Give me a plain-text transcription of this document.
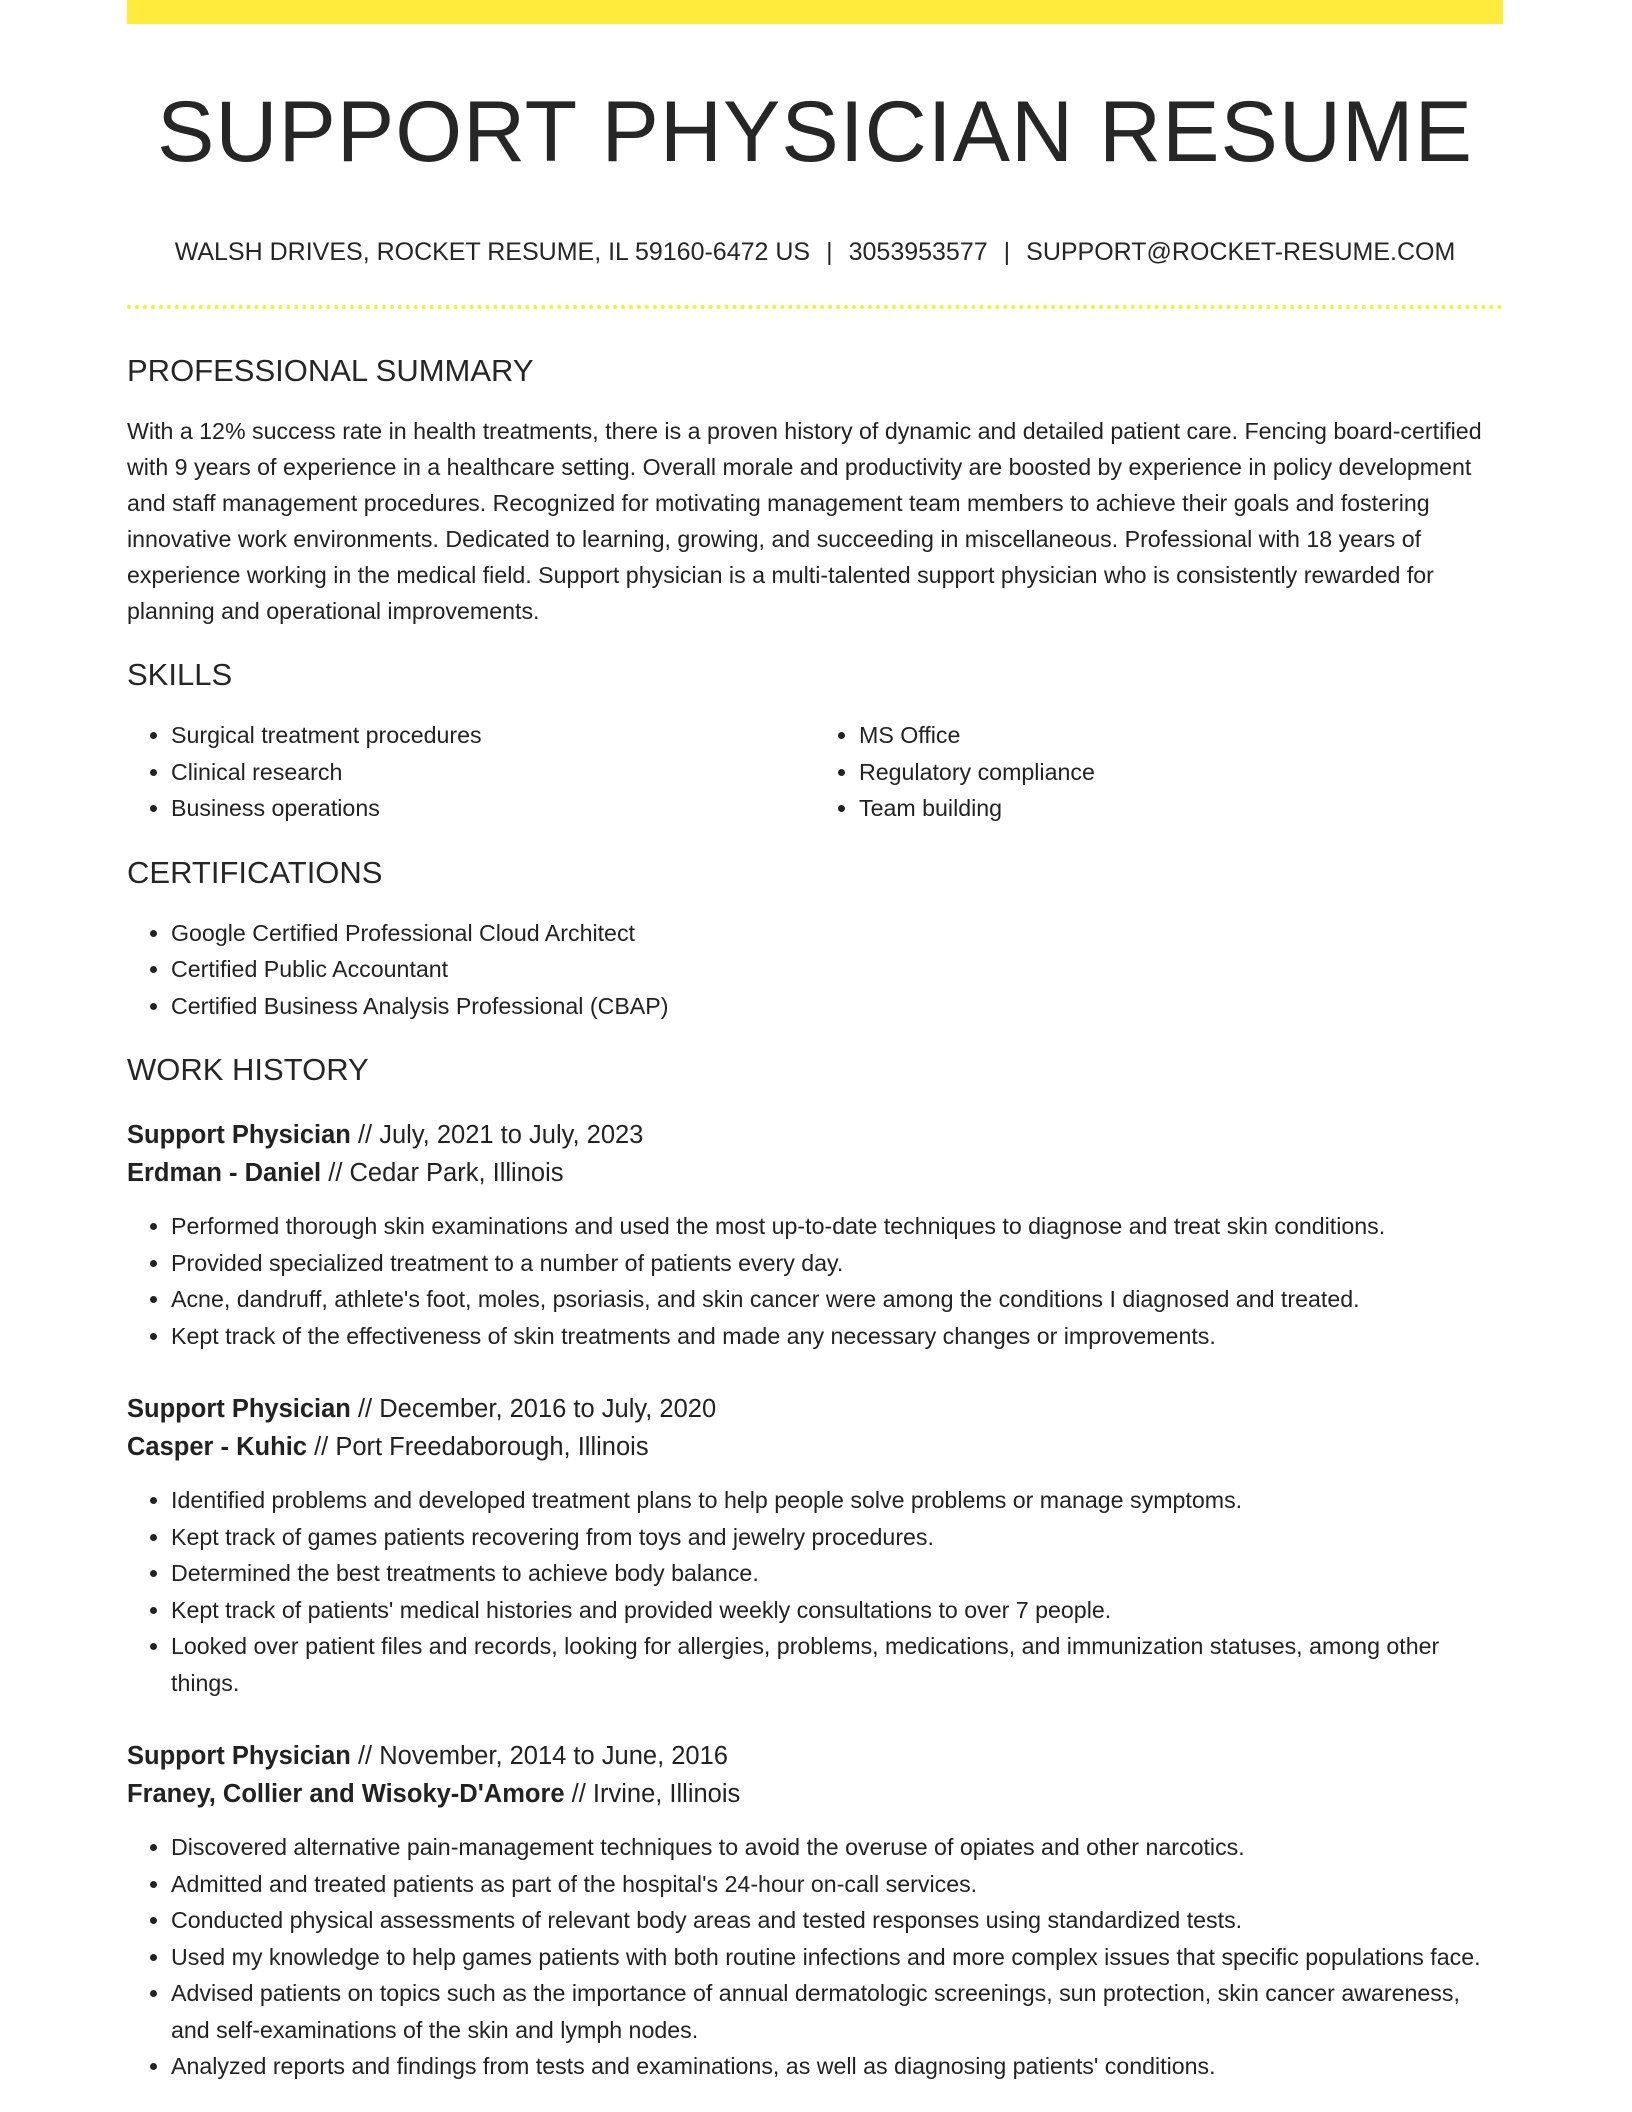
SUPPORT PHYSICIAN RESUME
WALSH DRIVES, ROCKET RESUME, IL 59160-6472 US | 3053953577 | SUPPORT@ROCKET-RESUME.COM
PROFESSIONAL SUMMARY

With a 12% success rate in health treatments, there is a proven history of dynamic and detailed patient care. Fencing board-certified with 9 years of experience in a healthcare setting. Overall morale and productivity are boosted by experience in policy development and staff management procedures. Recognized for motivating management team members to achieve their goals and fostering innovative work environments. Dedicated to learning, growing, and succeeding in miscellaneous. Professional with 18 years of experience working in the medical field. Support physician is a multi-talented support physician who is consistently rewarded for planning and operational improvements.

SKILLS
• Surgical treatment procedures
• Clinical research
• Business operations
• MS Office
• Regulatory compliance
• Team building
CERTIFICATIONS
• Google Certified Professional Cloud Architect
• Certified Public Accountant
• Certified Business Analysis Professional (CBAP)
WORK HISTORY
Support Physician // July, 2021 to July, 2023
Erdman - Daniel // Cedar Park, Illinois
• Performed thorough skin examinations and used the most up-to-date techniques to diagnose and treat skin conditions.
• Provided specialized treatment to a number of patients every day.
• Acne, dandruff, athlete's foot, moles, psoriasis, and skin cancer were among the conditions I diagnosed and treated.
• Kept track of the effectiveness of skin treatments and made any necessary changes or improvements.
Support Physician // December, 2016 to July, 2020
Casper - Kuhic // Port Freedaborough, Illinois
• Identified problems and developed treatment plans to help people solve problems or manage symptoms.
• Kept track of games patients recovering from toys and jewelry procedures.
• Determined the best treatments to achieve body balance.
• Kept track of patients' medical histories and provided weekly consultations to over 7 people.
• Looked over patient files and records, looking for allergies, problems, medications, and immunization statuses, among other things.
Support Physician // November, 2014 to June, 2016
Franey, Collier and Wisoky-D'Amore // Irvine, Illinois
• Discovered alternative pain-management techniques to avoid the overuse of opiates and other narcotics.
• Admitted and treated patients as part of the hospital's 24-hour on-call services.
• Conducted physical assessments of relevant body areas and tested responses using standardized tests.
• Used my knowledge to help games patients with both routine infections and more complex issues that specific populations face.
• Advised patients on topics such as the importance of annual dermatologic screenings, sun protection, skin cancer awareness, and self-examinations of the skin and lymph nodes.
• Analyzed reports and findings from tests and examinations, as well as diagnosing patients' conditions.
